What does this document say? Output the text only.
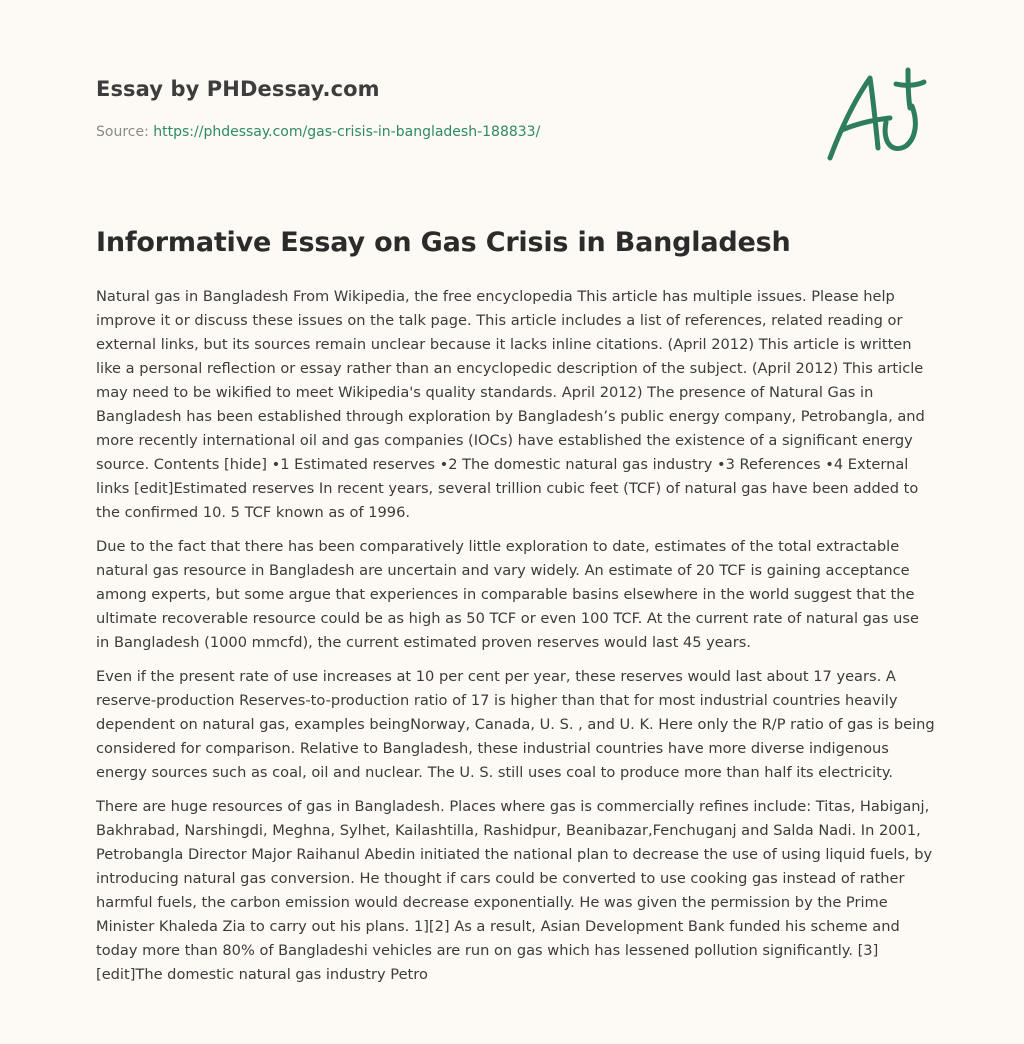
Essay by PHDessay.com
Source: https://phdessay.com/gas-crisis-in-bangladesh-188833/
Informative Essay on Gas Crisis in Bangladesh

Natural gas in Bangladesh From Wikipedia, the free encyclopedia This article has multiple issues. Please help improve it or discuss these issues on the talk page. This article includes a list of references, related reading or external links, but its sources remain unclear because it lacks inline citations. (April 2012) This article is written like a personal reflection or essay rather than an encyclopedic description of the subject. (April 2012) This article may need to be wikified to meet Wikipedia's quality standards. April 2012) The presence of Natural Gas in Bangladesh has been established through exploration by Bangladesh’s public energy company, Petrobangla, and more recently international oil and gas companies (IOCs) have established the existence of a significant energy source. Contents [hide] •1 Estimated reserves •2 The domestic natural gas industry •3 References •4 External links [edit]Estimated reserves In recent years, several trillion cubic feet (TCF) of natural gas have been added to the confirmed 10. 5 TCF known as of 1996.

Due to the fact that there has been comparatively little exploration to date, estimates of the total extractable natural gas resource in Bangladesh are uncertain and vary widely. An estimate of 20 TCF is gaining acceptance among experts, but some argue that experiences in comparable basins elsewhere in the world suggest that the ultimate recoverable resource could be as high as 50 TCF or even 100 TCF. At the current rate of natural gas use in Bangladesh (1000 mmcfd), the current estimated proven reserves would last 45 years.

Even if the present rate of use increases at 10 per cent per year, these reserves would last about 17 years. A reserve-production Reserves-to-production ratio of 17 is higher than that for most industrial countries heavily dependent on natural gas, examples beingNorway, Canada, U. S. , and U. K. Here only the R/P ratio of gas is being considered for comparison. Relative to Bangladesh, these industrial countries have more diverse indigenous energy sources such as coal, oil and nuclear. The U. S. still uses coal to produce more than half its electricity.

There are huge resources of gas in Bangladesh. Places where gas is commercially refines include: Titas, Habiganj, Bakhrabad, Narshingdi, Meghna, Sylhet, Kailashtilla, Rashidpur, Beanibazar,Fenchuganj and Salda Nadi. In 2001, Petrobangla Director Major Raihanul Abedin initiated the national plan to decrease the use of using liquid fuels, by introducing natural gas conversion. He thought if cars could be converted to use cooking gas instead of rather harmful fuels, the carbon emission would decrease exponentially. He was given the permission by the Prime Minister Khaleda Zia to carry out his plans. 1][2] As a result, Asian Development Bank funded his scheme and today more than 80% of Bangladeshi vehicles are run on gas which has lessened pollution significantly. [3] [edit]The domestic natural gas industry Petro
